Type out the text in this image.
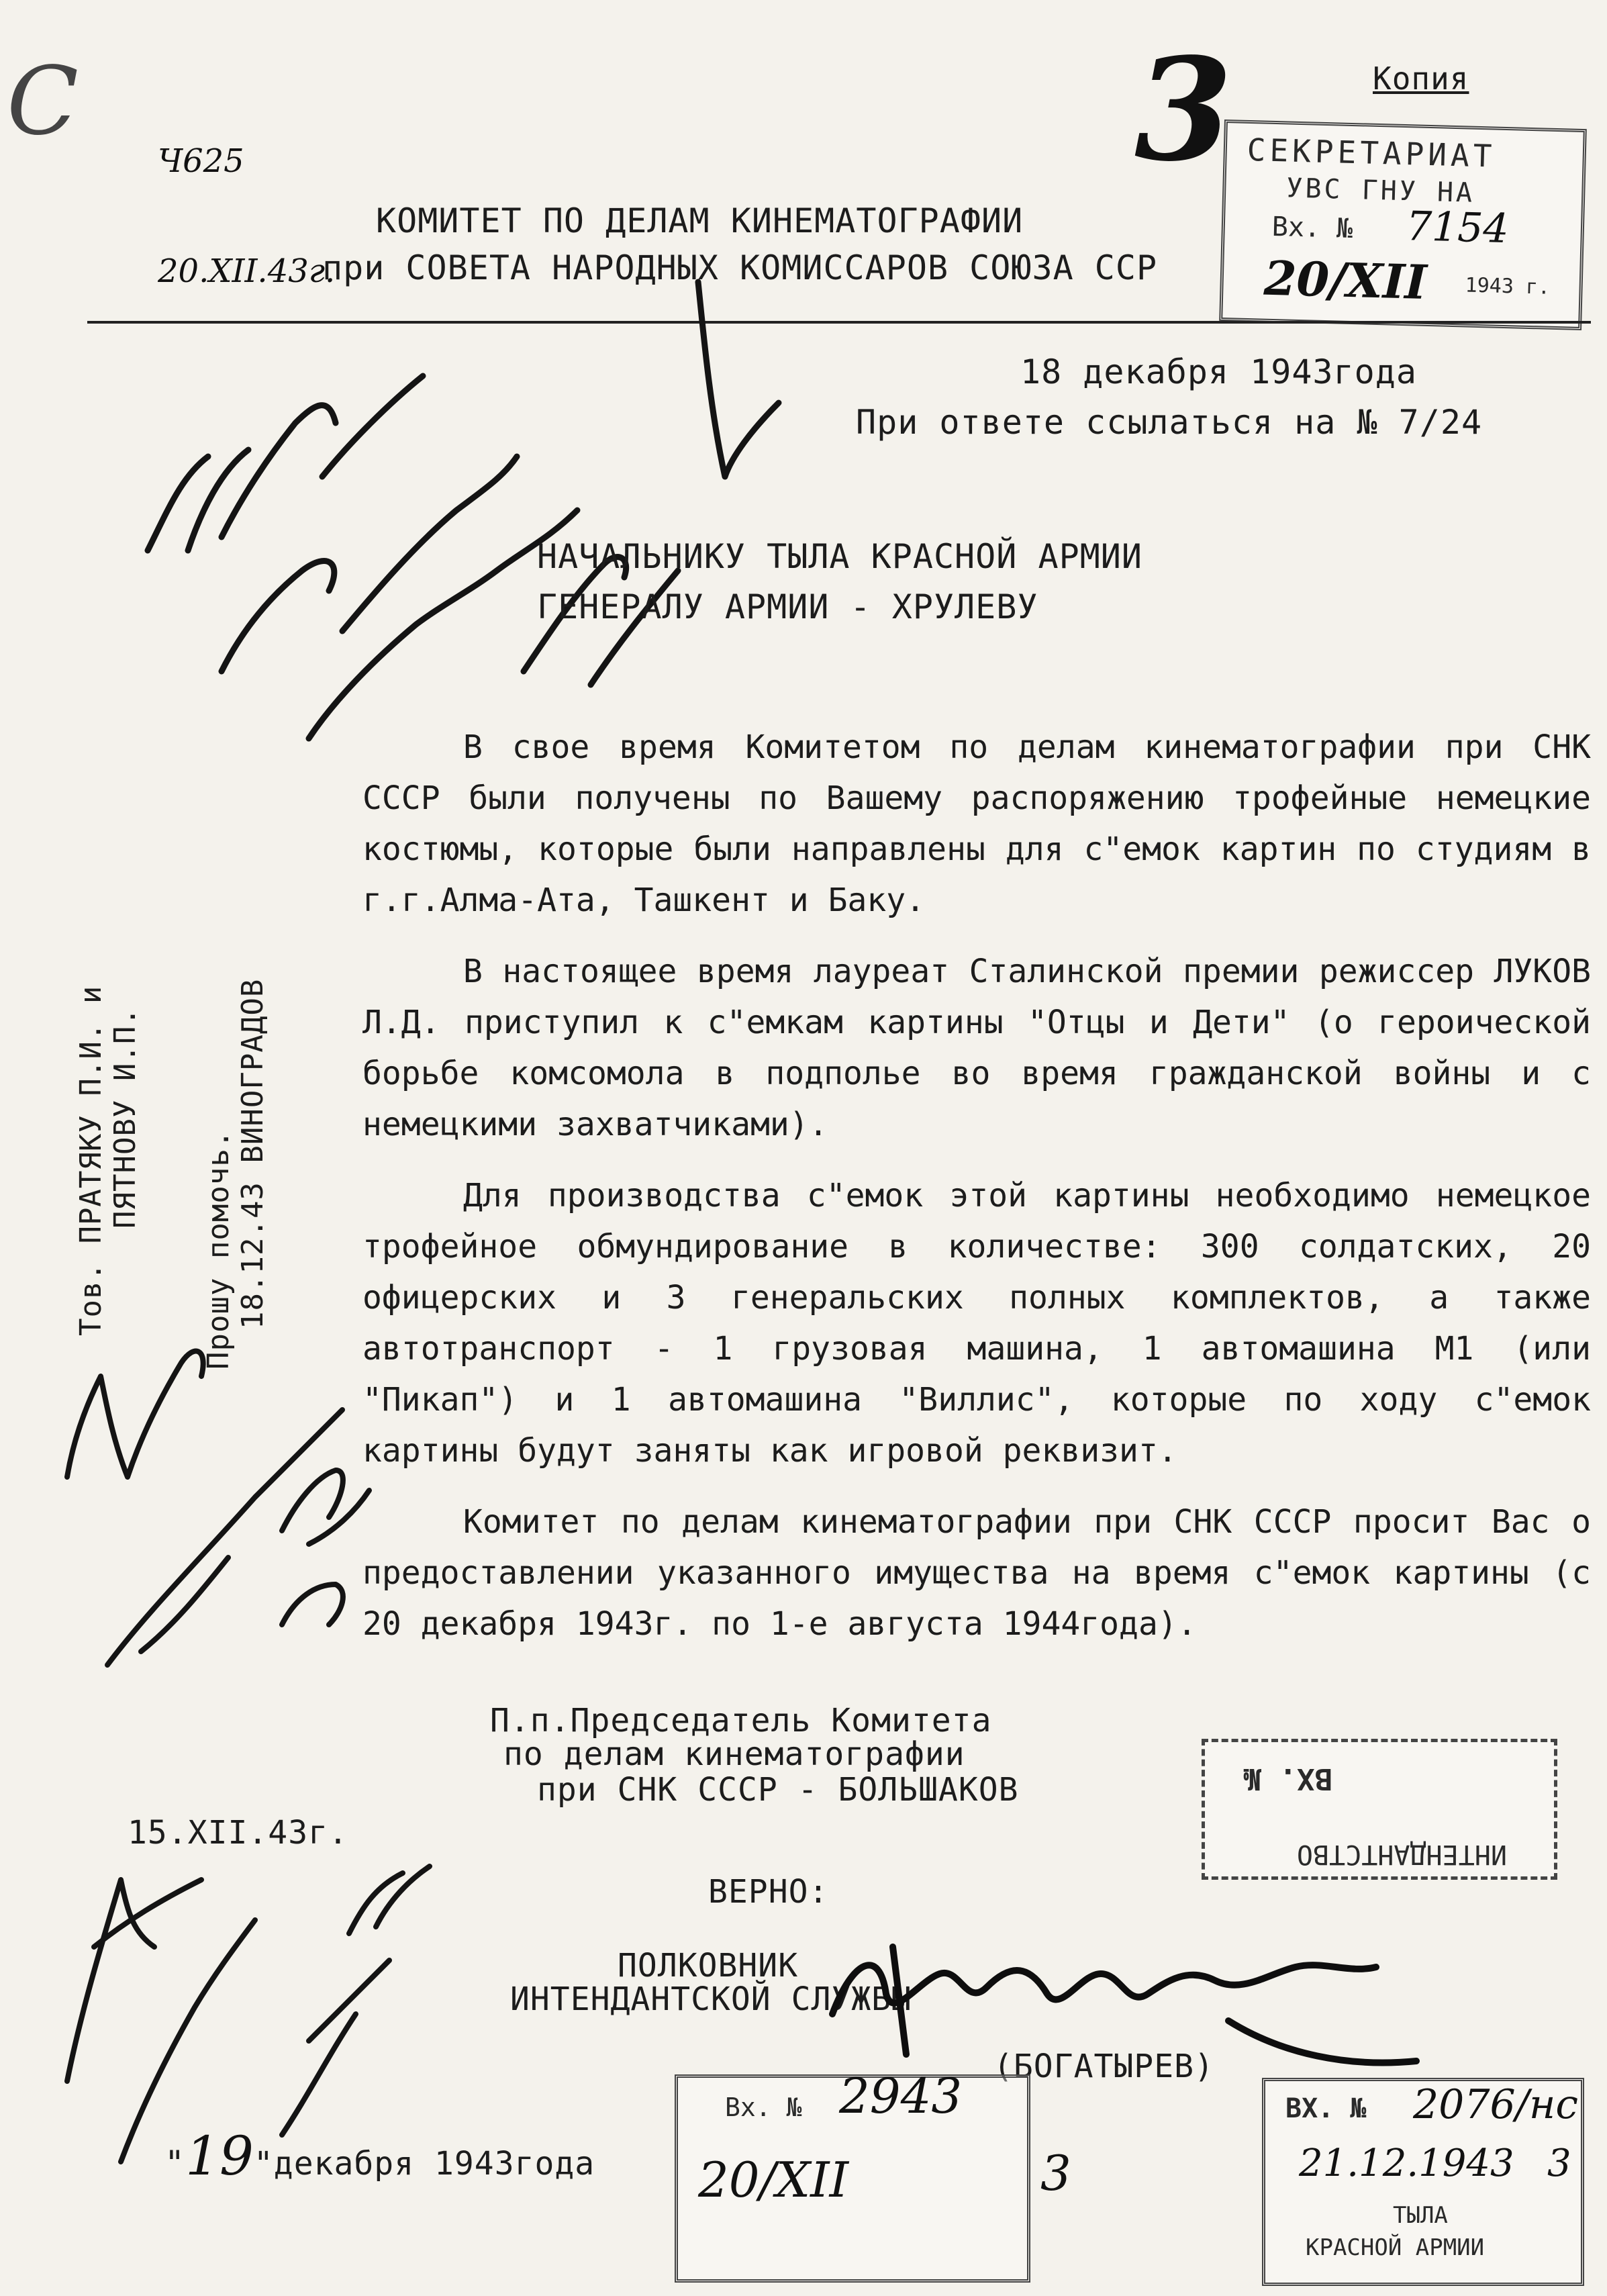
C

Ч625

20.XII.43г.

3	Копия
СЕКРЕТАРИАТ
УВС ГНУ НА
Вх. № 7154
20/XII 1943 г.
КОМИТЕТ ПО ДЕЛАМ КИНЕМАТОГРАФИИ
при СОВЕТА НАРОДНЫХ КОМИССАРОВ СОЮЗА ССР
18 декабря 1943года
При ответе ссылаться на № 7/24
НАЧАЛЬНИКУ ТЫЛА КРАСНОЙ АРМИИ
ГЕНЕРАЛУ АРМИИ - ХРУЛЕВУ

В свое время Комитетом по делам кинематографии при СНК СССР были получены по Вашему распоряжению трофейные немецкие костюмы, которые были направлены для с"емок картин по студиям в г.г.Алма-Ата, Ташкент и Баку.

В настоящее время лауреат Сталинской премии режиссер ЛУКОВ Л.Д. приступил к с"емкам картины "Отцы и Дети" (о героической борьбе комсомола в подполье во время гражданской войны и с немецкими захватчиками).

Для производства с"емок этой картины необходимо немецкое трофейное обмундирование в количестве: 300 солдатских, 20 офицерских и 3 генеральских полных комплектов, а также автотранспорт - 1 грузовая машина, 1 автомашина М1 (или "Пикап") и 1 автомашина "Виллис", которые по ходу с"емок картины будут заняты как игровой реквизит.

Комитет по делам кинематографии при СНК СССР просит Вас о предоставлении указанного имущества на время с"емок картины (с 20 декабря 1943г. по 1-е августа 1944года).

Тов. ПРАТЯКУ П.И. и ПЯТНОВУ И.П.
Прошу помочь. 18.12.43 ВИНОГРАДОВ
П.п.Председатель Комитета
по делам кинематографии
при СНК СССР - БОЛЬШАКОВ
15.XII.43г.
ИНТЕНДАНТСТВО
ВХ. №
ВЕРНО:
ПОЛКОВНИК
ИНТЕНДАНТСКОЙ СЛУЖБЫ
(БОГАТЫРЕВ)
"19"декабря 1943года
Вх. № 2943
20/XII	3
ВХ. № 2076/нс
21.12.1943 3
ТЫЛА
КРАСНОЙ АРМИИ
